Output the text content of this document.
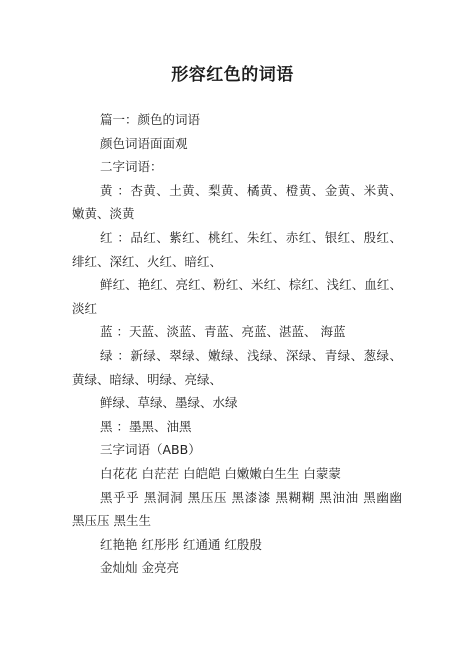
形容红色的词语

篇一：颜色的词语

颜色词语面面观

二字词语：

黄 ：杏黄、土黄、梨黄、橘黄、橙黄、金黄、米黄、嫩黄、淡黄

红 ：品红、紫红、桃红、朱红、赤红、银红、殷红、绯红、深红、火红、暗红、

鲜红、艳红、亮红、粉红、米红、棕红、浅红、血红、淡红

蓝 ：天蓝、淡蓝、青蓝、亮蓝、湛蓝、 海蓝

绿 ：新绿、翠绿、嫩绿、浅绿、深绿、青绿、葱绿、黄绿、暗绿、明绿、亮绿、

鲜绿、草绿、墨绿、水绿

黑 ：墨黑、油黑

三字词语（ABB）

白花花 白茫茫 白皑皑 白嫩嫩白生生 白蒙蒙

黑乎乎 黑洞洞 黑压压 黑漆漆 黑糊糊 黑油油 黑幽幽 黑压压 黑生生

红艳艳 红彤彤 红通通 红殷殷

金灿灿 金亮亮
